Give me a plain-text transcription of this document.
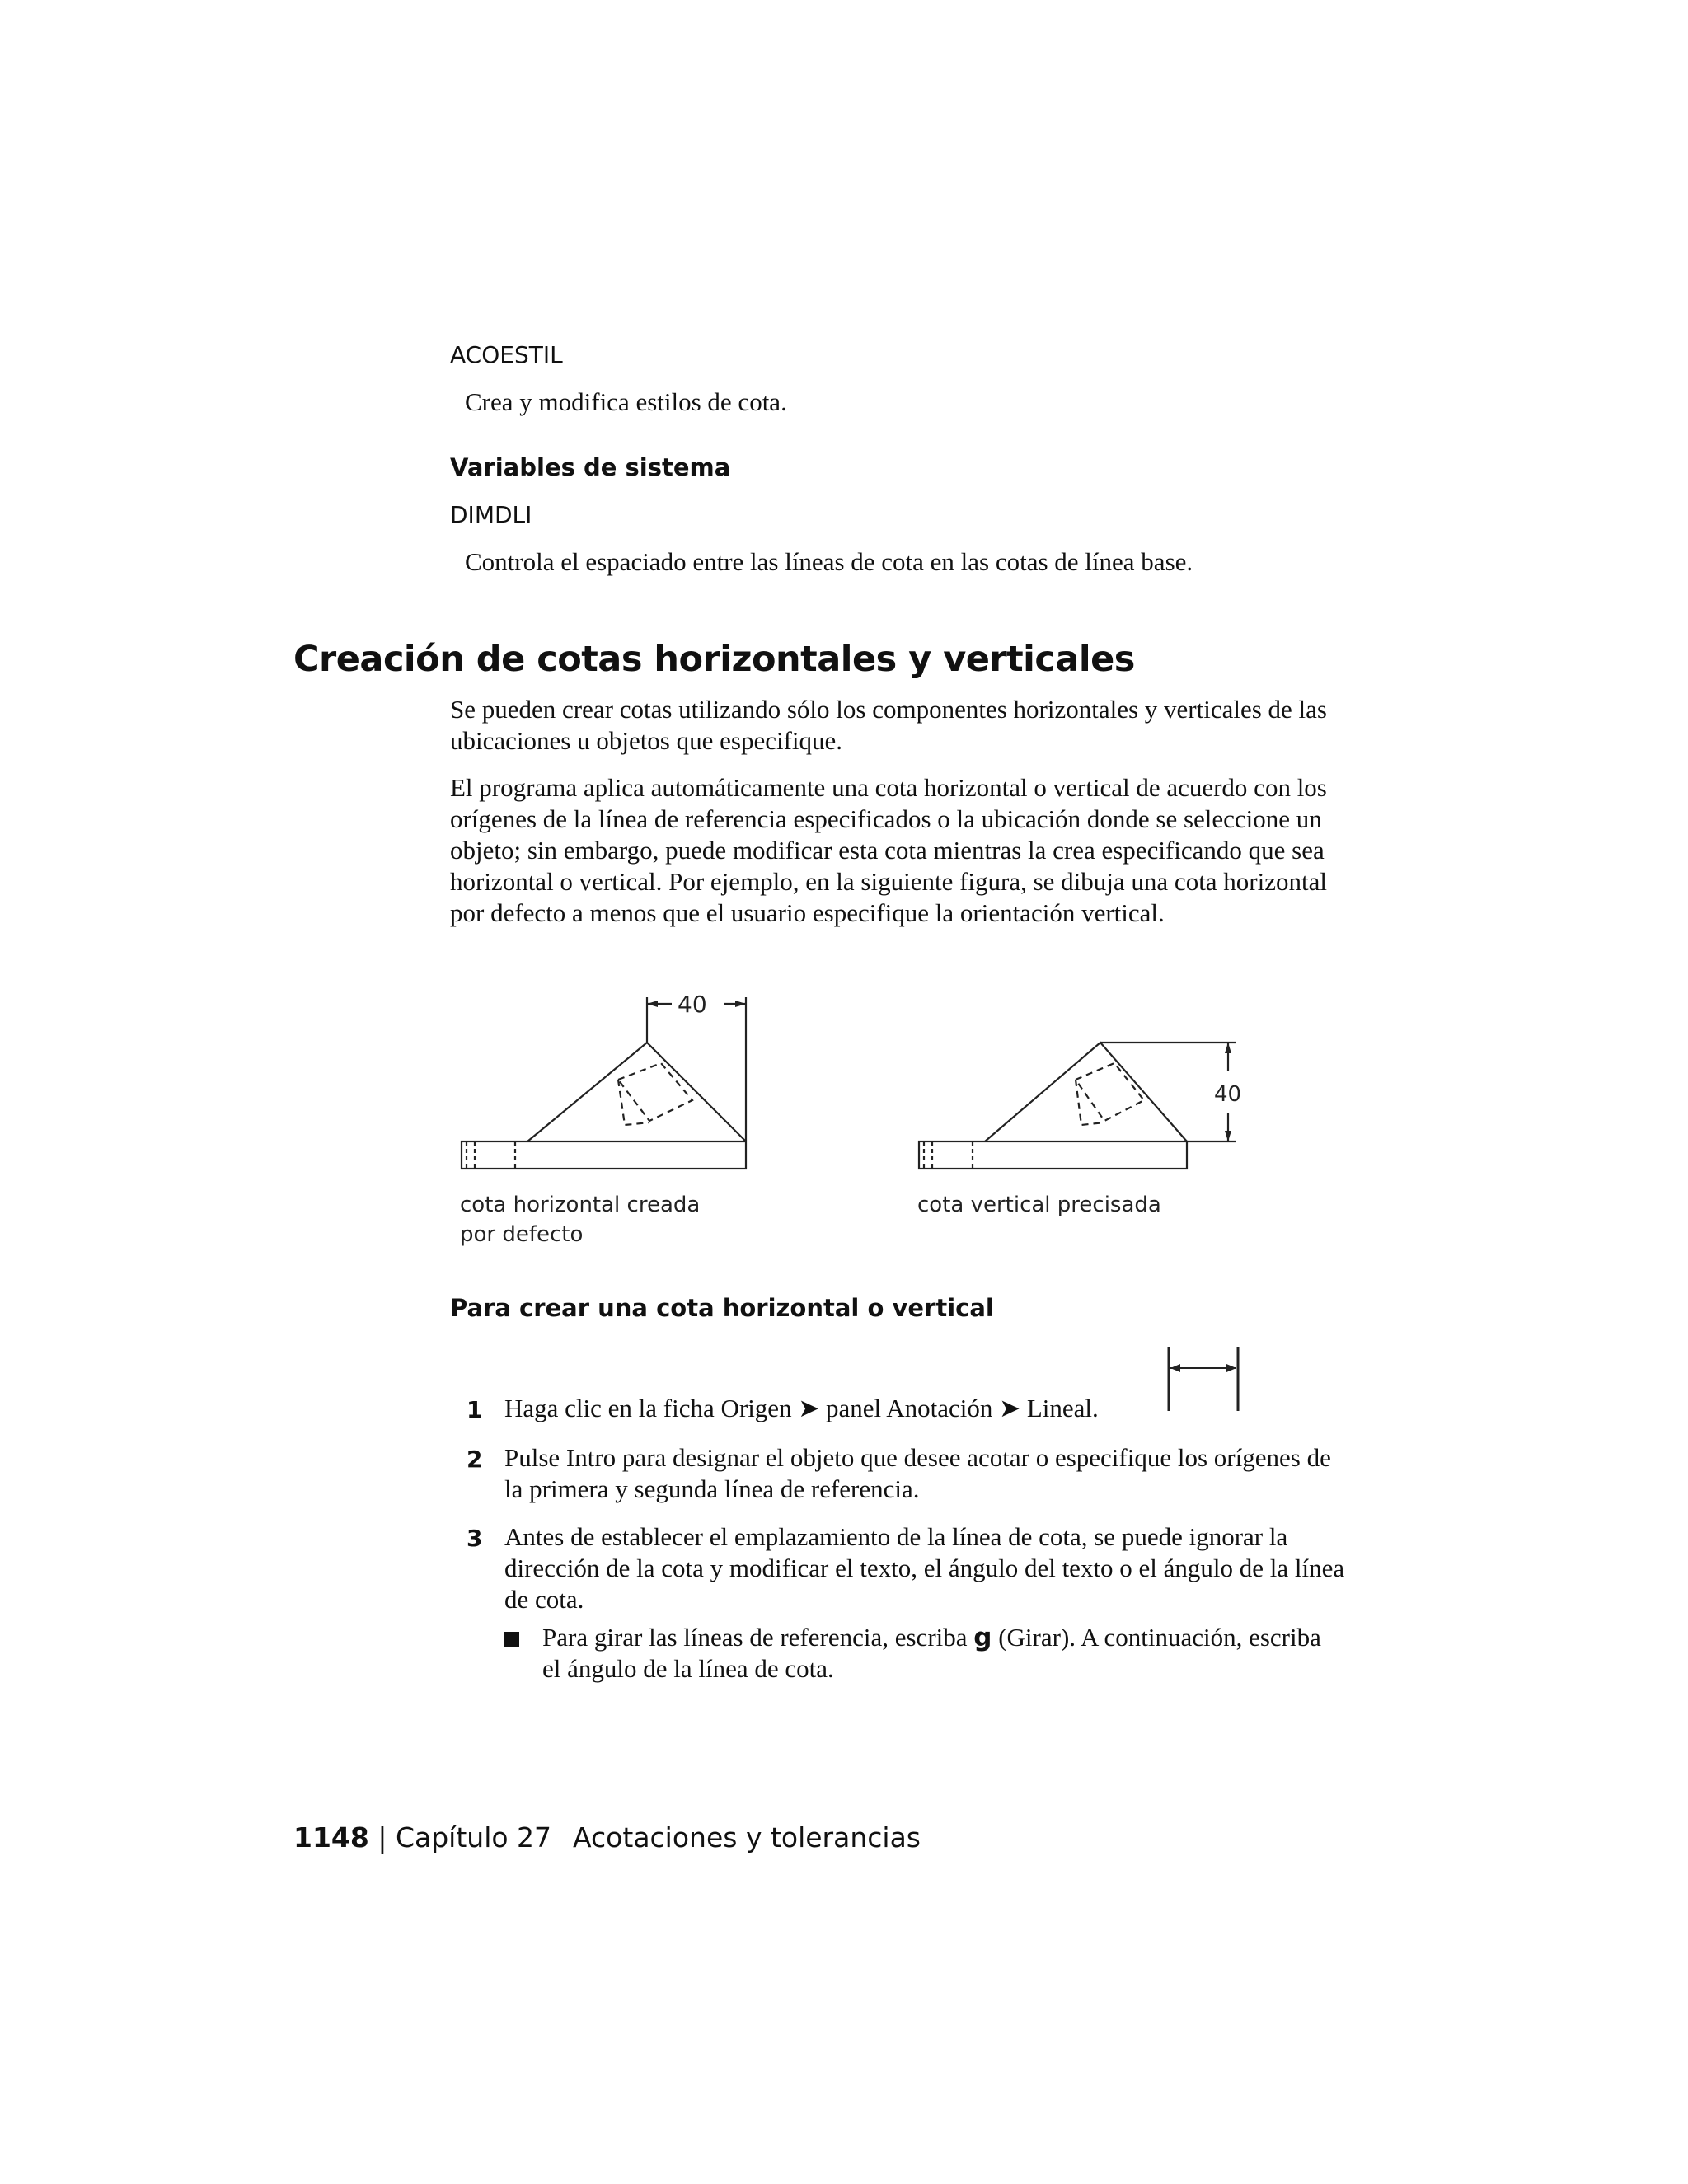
ACOESTIL
Crea y modifica estilos de cota.
Variables de sistema
DIMDLI
Controla el espaciado entre las líneas de cota en las cotas de línea base.
Creación de cotas horizontales y verticales
Se pueden crear cotas utilizando sólo los componentes horizontales y verticales de las ubicaciones u objetos que especifique.
El programa aplica automáticamente una cota horizontal o vertical de acuerdo con los orígenes de la línea de referencia especificados o la ubicación donde se seleccione un objeto; sin embargo, puede modificar esta cota mientras la crea especificando que sea horizontal o vertical. Por ejemplo, en la siguiente figura, se dibuja una cota horizontal por defecto a menos que el usuario especifique la orientación vertical.
40
40
cota horizontal creada
por defecto
cota vertical precisada
Para crear una cota horizontal o vertical
1 Haga clic en la ficha Origen ➤ panel Anotación ➤ Lineal.
2 Pulse Intro para designar el objeto que desee acotar o especifique los orígenes de la primera y segunda línea de referencia.
3 Antes de establecer el emplazamiento de la línea de cota, se puede ignorar la dirección de la cota y modificar el texto, el ángulo del texto o el ángulo de la línea de cota.
Para girar las líneas de referencia, escriba g (Girar). A continuación, escriba el ángulo de la línea de cota.
1148 | Capítulo 27 Acotaciones y tolerancias
